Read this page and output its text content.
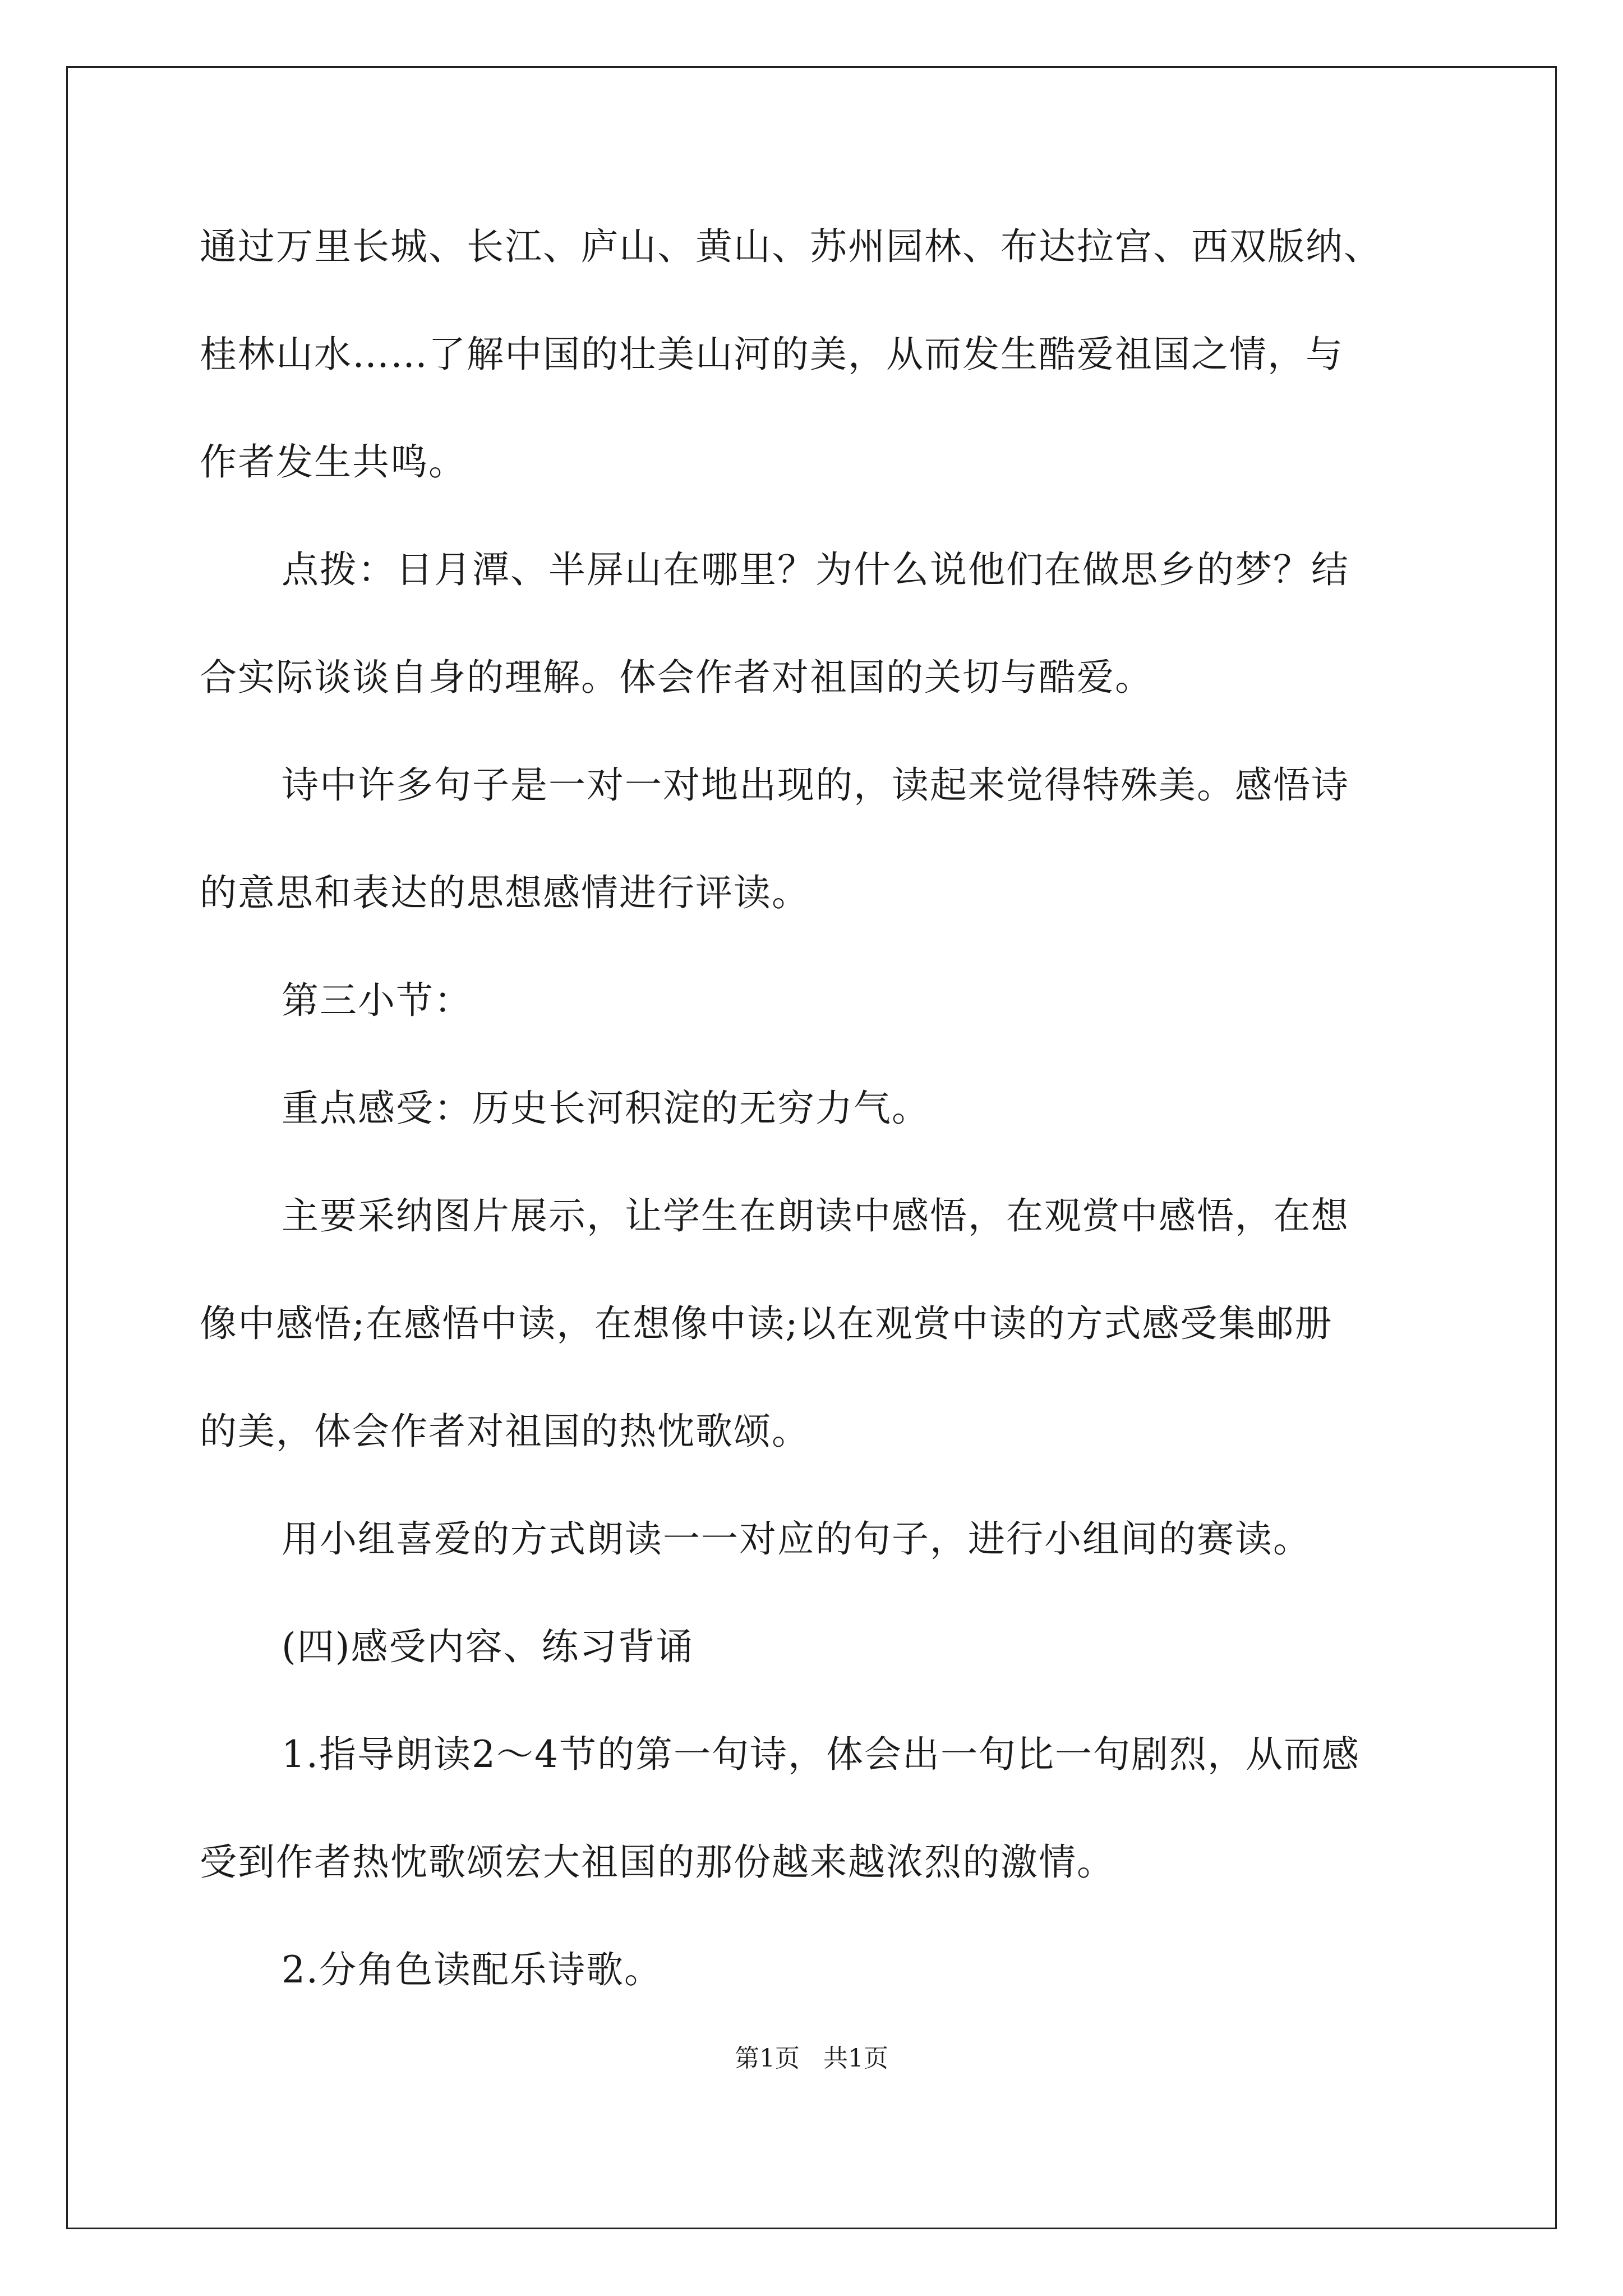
通过万里长城、长江、庐山、黄山、苏州园林、布达拉宫、西双版纳、
桂林山水……了解中国的壮美山河的美，从而发生酷爱祖国之情，与
作者发生共鸣。
点拨：日月潭、半屏山在哪里？为什么说他们在做思乡的梦？结
合实际谈谈自身的理解。体会作者对祖国的关切与酷爱。
诗中许多句子是一对一对地出现的，读起来觉得特殊美。感悟诗
的意思和表达的思想感情进行评读。
第三小节：
重点感受：历史长河积淀的无穷力气。
主要采纳图片展示，让学生在朗读中感悟，在观赏中感悟，在想
像中感悟;在感悟中读，在想像中读;以在观赏中读的方式感受集邮册
的美，体会作者对祖国的热忱歌颂。
用小组喜爱的方式朗读一一对应的句子，进行小组间的赛读。
(四)感受内容、练习背诵
1.指导朗读2～4节的第一句诗，体会出一句比一句剧烈，从而感
受到作者热忱歌颂宏大祖国的那份越来越浓烈的激情。
2.分角色读配乐诗歌。
第1页 共1页
